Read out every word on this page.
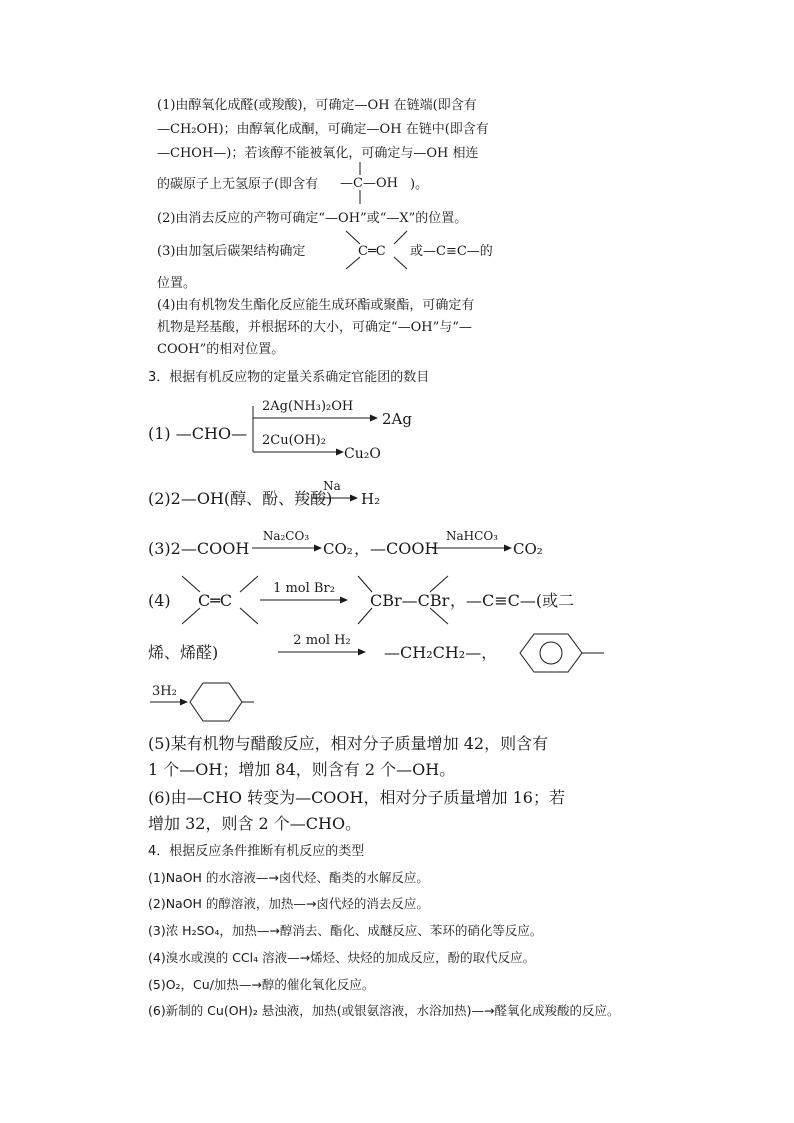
(1)由醇氧化成醛(或羧酸)，可确定—OH 在链端(即含有
—CH₂OH)；由醇氧化成酮，可确定—OH 在链中(即含有
—CHOH—)；若该醇不能被氧化，可确定与—OH 相连
的碳原子上无氢原子(即含有 —C—OH )。
(2)由消去反应的产物可确定“—OH”或“—X”的位置。
(3)由加氢后碳架结构确定	C═C 或—C≡C—的
位置。
(4)由有机物发生酯化反应能生成环酯或聚酯，可确定有
机物是羟基酸，并根据环的大小，可确定“—OH”与“—
COOH”的相对位置。
3．根据有机反应物的定量关系确定官能团的数目
(1) —CHO—
2Ag(NH₃)₂OH
2Ag
2Cu(OH)₂
Cu₂O
(2)2—OH(醇、酚、羧酸)
Na
H₂
(3)2—COOH
Na₂CO₃
CO₂ ，—COOH
NaHCO₃
CO₂
(4) C═C
1 mol Br₂
CBr—CBr ，—C≡C—(或二
烯、烯醛)
2 mol H₂
—CH₂CH₂—，
3H₂
(5)某有机物与醋酸反应，相对分子质量增加 42，则含有
1 个—OH；增加 84，则含有 2 个—OH。
(6)由—CHO 转变为—COOH，相对分子质量增加 16；若
增加 32，则含 2 个—CHO。
4．根据反应条件推断有机反应的类型
(1)NaOH 的水溶液—→卤代烃、酯类的水解反应。
(2)NaOH 的醇溶液，加热—→卤代烃的消去反应。
(3)浓 H₂SO₄，加热—→醇消去、酯化、成醚反应、苯环的硝化等反应。
(4)溴水或溴的 CCl₄ 溶液—→烯烃、炔烃的加成反应，酚的取代反应。
(5)O₂，Cu/加热—→醇的催化氧化反应。
(6)新制的 Cu(OH)₂ 悬浊液，加热(或银氨溶液，水浴加热)—→醛氧化成羧酸的反应。
